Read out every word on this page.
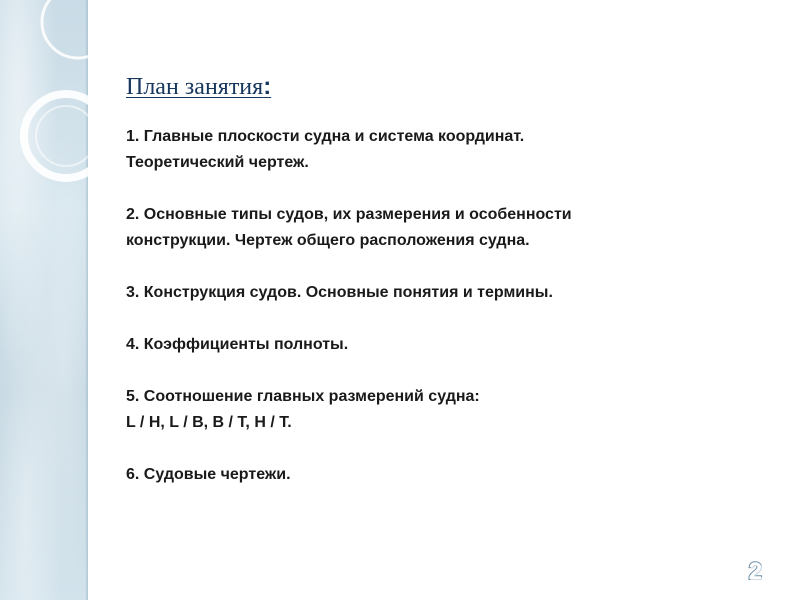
План занятия:
1. Главные плоскости судна и система координат.
Теоретический чертеж.
2. Основные типы судов, их размерения и особенности
конструкции. Чертеж общего расположения судна.
3. Конструкция судов. Основные понятия и термины.
4. Коэффициенты полноты.
5. Соотношение главных размерений судна:
L / H, L / B, B / T, H / T.
6. Судовые чертежи.
2
